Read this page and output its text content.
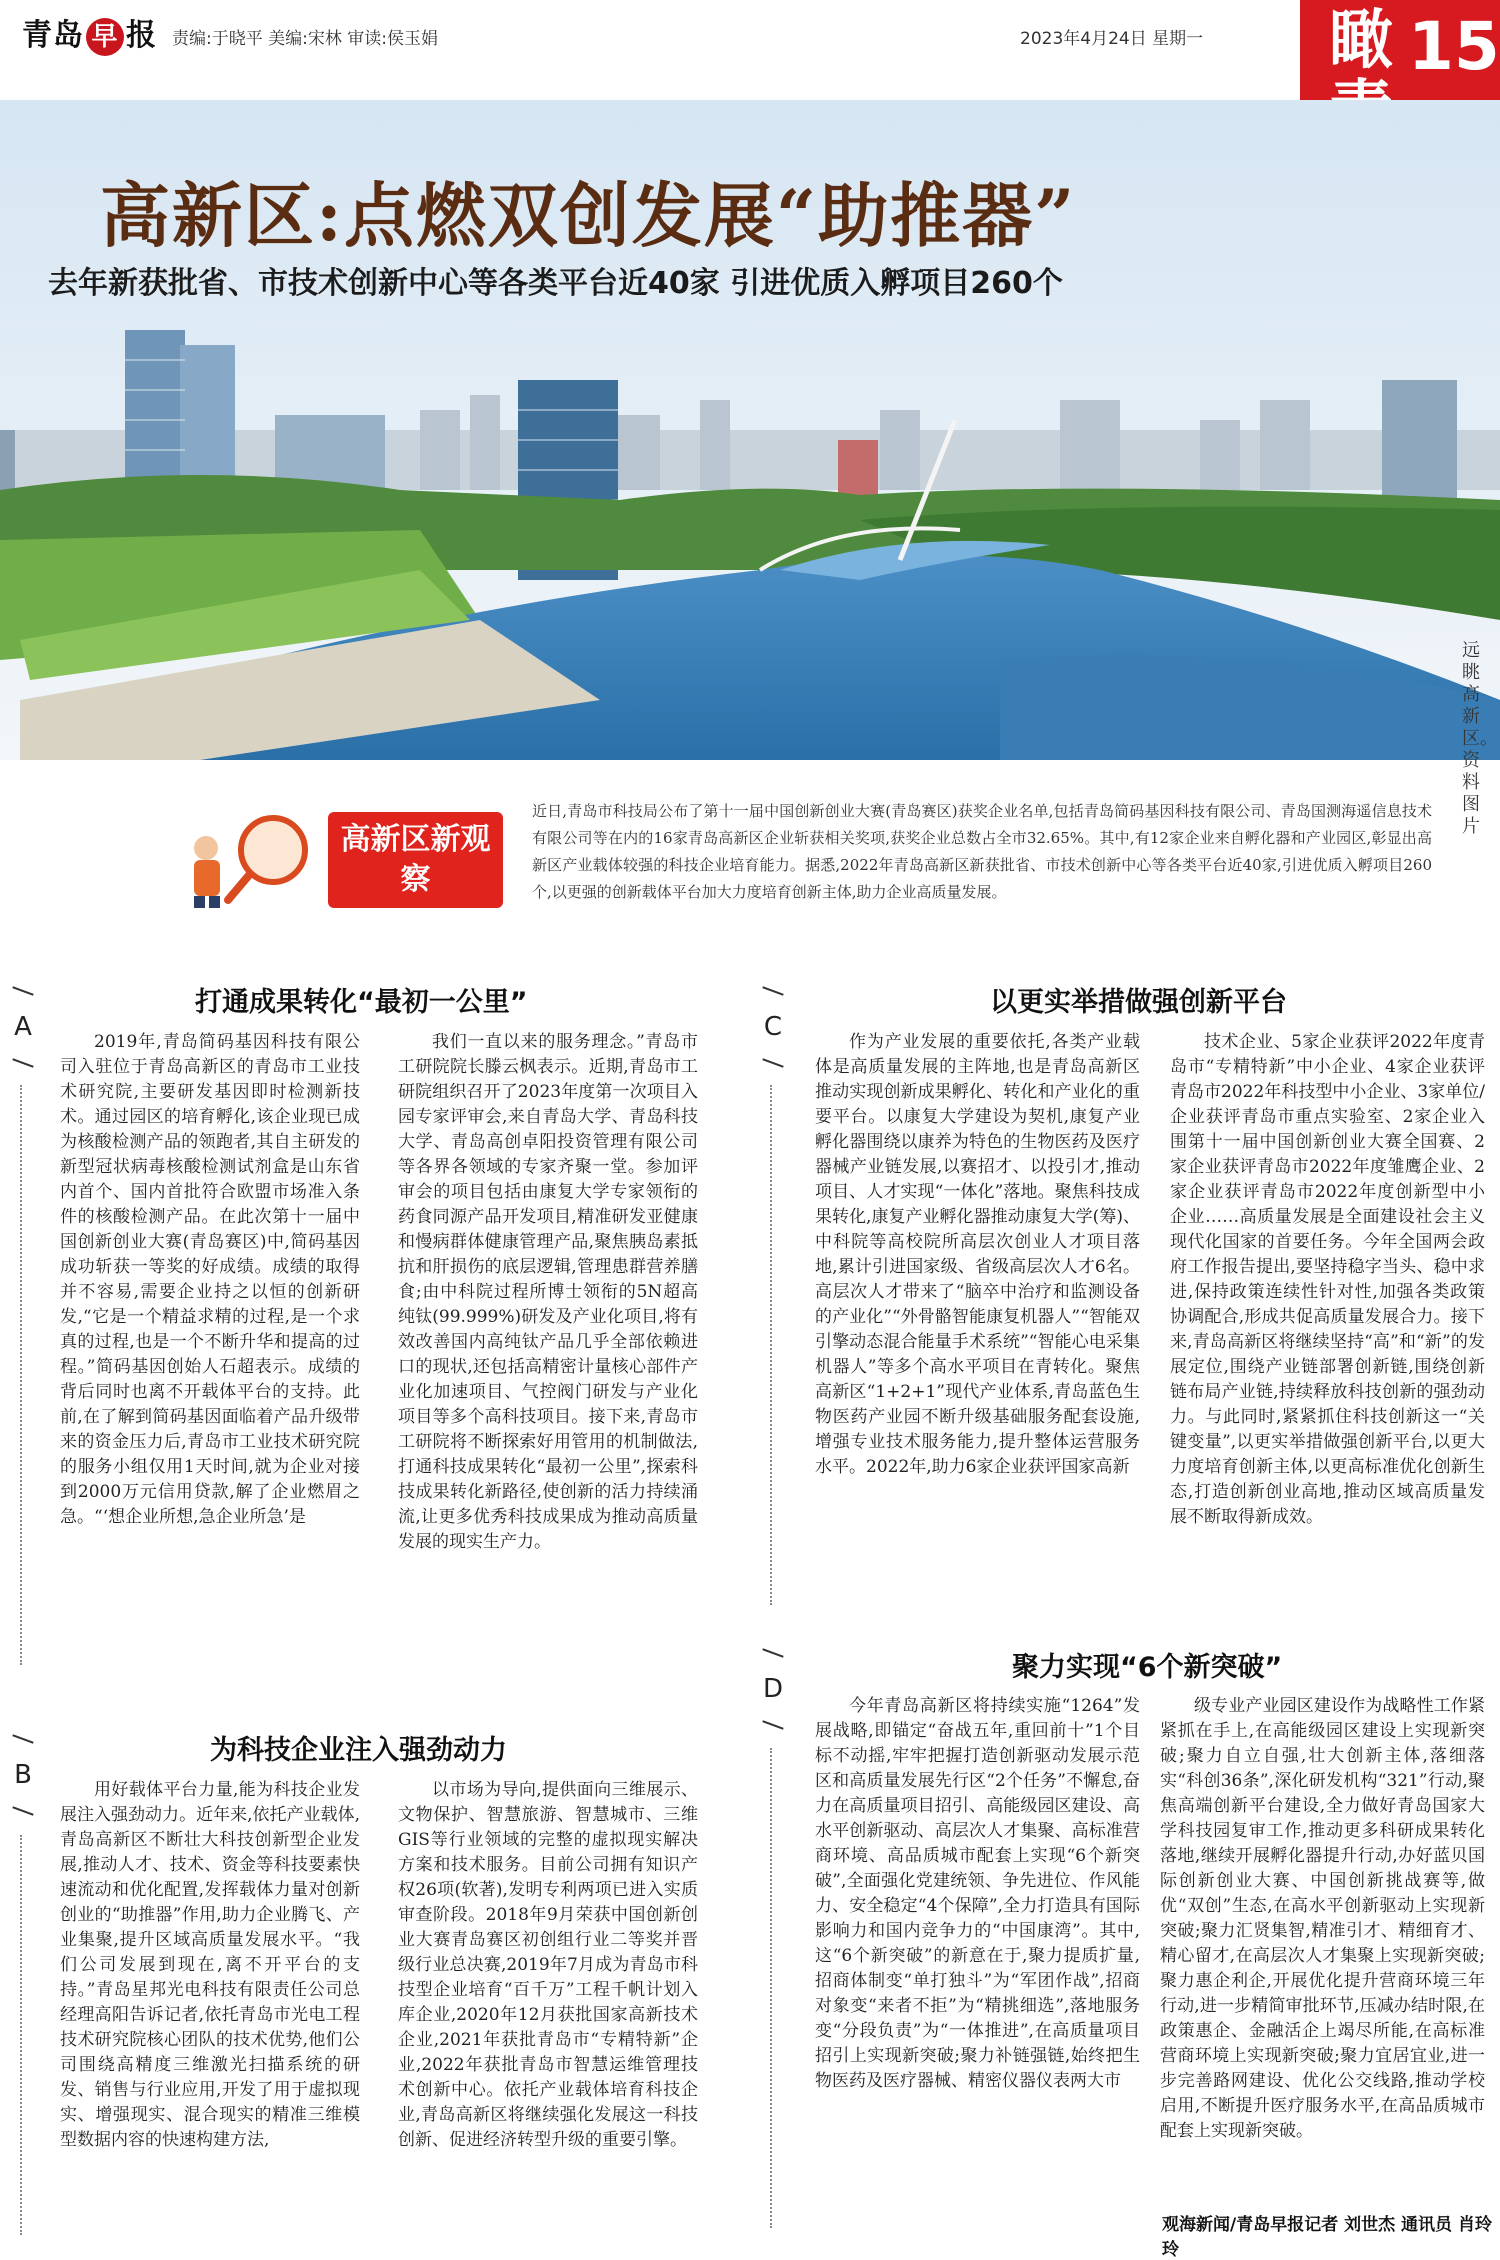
青岛 早 报 责编:于晓平 美编:宋林 审读:侯玉娟	2023年4月24日 星期一 瞰 15
高新区:点燃双创发展“助推器”
去年新获批省、市技术创新中心等各类平台近40家 引进优质入孵项目260个
远眺高新区。资料图片
高新区新观察
近日,青岛市科技局公布了第十一届中国创新创业大赛(青岛赛区)获奖企业名单,包括青岛简码基因科技有限公司、青岛国测海遥信息技术有限公司等在内的16家青岛高新区企业斩获相关奖项,获奖企业总数占全市32.65%。其中,有12家企业来自孵化器和产业园区,彰显出高新区产业载体较强的科技企业培育能力。据悉,2022年青岛高新区新获批省、市技术创新中心等各类平台近40家,引进优质入孵项目260个,以更强的创新载体平台加大力度培育创新主体,助力企业高质量发展。
A
打通成果转化“最初一公里”
2019年,青岛简码基因科技有限公司入驻位于青岛高新区的青岛市工业技术研究院,主要研发基因即时检测新技术。通过园区的培育孵化,该企业现已成为核酸检测产品的领跑者,其自主研发的新型冠状病毒核酸检测试剂盒是山东省内首个、国内首批符合欧盟市场准入条件的核酸检测产品。在此次第十一届中国创新创业大赛(青岛赛区)中,简码基因成功斩获一等奖的好成绩。成绩的取得并不容易,需要企业持之以恒的创新研发,“它是一个精益求精的过程,是一个求真的过程,也是一个不断升华和提高的过程。”简码基因创始人石超表示。成绩的背后同时也离不开载体平台的支持。此前,在了解到简码基因面临着产品升级带来的资金压力后,青岛市工业技术研究院的服务小组仅用1天时间,就为企业对接到2000万元信用贷款,解了企业燃眉之急。“‘想企业所想,急企业所急’是
我们一直以来的服务理念。”青岛市工研院院长滕云枫表示。近期,青岛市工研院组织召开了2023年度第一次项目入园专家评审会,来自青岛大学、青岛科技大学、青岛高创卓阳投资管理有限公司等各界各领域的专家齐聚一堂。参加评审会的项目包括由康复大学专家领衔的药食同源产品开发项目,精准研发亚健康和慢病群体健康管理产品,聚焦胰岛素抵抗和肝损伤的底层逻辑,管理患群营养膳食;由中科院过程所博士领衔的5N超高纯钛(99.999%)研发及产业化项目,将有效改善国内高纯钛产品几乎全部依赖进口的现状,还包括高精密计量核心部件产业化加速项目、气控阀门研发与产业化项目等多个高科技项目。接下来,青岛市工研院将不断探索好用管用的机制做法,打通科技成果转化“最初一公里”,探索科技成果转化新路径,使创新的活力持续涌流,让更多优秀科技成果成为推动高质量发展的现实生产力。
B
为科技企业注入强劲动力
用好载体平台力量,能为科技企业发展注入强劲动力。近年来,依托产业载体,青岛高新区不断壮大科技创新型企业发展,推动人才、技术、资金等科技要素快速流动和优化配置,发挥载体力量对创新创业的“助推器”作用,助力企业腾飞、产业集聚,提升区域高质量发展水平。“我们公司发展到现在,离不开平台的支持。”青岛星邦光电科技有限责任公司总经理高阳告诉记者,依托青岛市光电工程技术研究院核心团队的技术优势,他们公司围绕高精度三维激光扫描系统的研发、销售与行业应用,开发了用于虚拟现实、增强现实、混合现实的精准三维模型数据内容的快速构建方法,
以市场为导向,提供面向三维展示、文物保护、智慧旅游、智慧城市、三维GIS等行业领域的完整的虚拟现实解决方案和技术服务。目前公司拥有知识产权26项(软著),发明专利两项已进入实质审查阶段。2018年9月荣获中国创新创业大赛青岛赛区初创组行业二等奖并晋级行业总决赛,2019年7月成为青岛市科技型企业培育“百千万”工程千帆计划入库企业,2020年12月获批国家高新技术企业,2021年获批青岛市“专精特新”企业,2022年获批青岛市智慧运维管理技术创新中心。依托产业载体培育科技企业,青岛高新区将继续强化发展这一科技创新、促进经济转型升级的重要引擎。
C
以更实举措做强创新平台
作为产业发展的重要依托,各类产业载体是高质量发展的主阵地,也是青岛高新区推动实现创新成果孵化、转化和产业化的重要平台。以康复大学建设为契机,康复产业孵化器围绕以康养为特色的生物医药及医疗器械产业链发展,以赛招才、以投引才,推动项目、人才实现“一体化”落地。聚焦科技成果转化,康复产业孵化器推动康复大学(筹)、中科院等高校院所高层次创业人才项目落地,累计引进国家级、省级高层次人才6名。高层次人才带来了“脑卒中治疗和监测设备的产业化”“外骨骼智能康复机器人”“智能双引擎动态混合能量手术系统”“智能心电采集机器人”等多个高水平项目在青转化。聚焦高新区“1+2+1”现代产业体系,青岛蓝色生物医药产业园不断升级基础服务配套设施,增强专业技术服务能力,提升整体运营服务水平。2022年,助力6家企业获评国家高新
技术企业、5家企业获评2022年度青岛市“专精特新”中小企业、4家企业获评青岛市2022年科技型中小企业、3家单位/企业获评青岛市重点实验室、2家企业入围第十一届中国创新创业大赛全国赛、2家企业获评青岛市2022年度雏鹰企业、2家企业获评青岛市2022年度创新型中小企业……高质量发展是全面建设社会主义现代化国家的首要任务。今年全国两会政府工作报告提出,要坚持稳字当头、稳中求进,保持政策连续性针对性,加强各类政策协调配合,形成共促高质量发展合力。接下来,青岛高新区将继续坚持“高”和“新”的发展定位,围绕产业链部署创新链,围绕创新链布局产业链,持续释放科技创新的强劲动力。与此同时,紧紧抓住科技创新这一“关键变量”,以更实举措做强创新平台,以更大力度培育创新主体,以更高标准优化创新生态,打造创新创业高地,推动区域高质量发展不断取得新成效。
D
聚力实现“6个新突破”
今年青岛高新区将持续实施“1264”发展战略,即锚定“奋战五年,重回前十”1个目标不动摇,牢牢把握打造创新驱动发展示范区和高质量发展先行区“2个任务”不懈怠,奋力在高质量项目招引、高能级园区建设、高水平创新驱动、高层次人才集聚、高标准营商环境、高品质城市配套上实现“6个新突破”,全面强化党建统领、争先进位、作风能力、安全稳定“4个保障”,全力打造具有国际影响力和国内竞争力的“中国康湾”。其中,这“6个新突破”的新意在于,聚力提质扩量,招商体制变“单打独斗”为“军团作战”,招商对象变“来者不拒”为“精挑细选”,落地服务变“分段负责”为“一体推进”,在高质量项目招引上实现新突破;聚力补链强链,始终把生物医药及医疗器械、精密仪器仪表两大市
级专业产业园区建设作为战略性工作紧紧抓在手上,在高能级园区建设上实现新突破;聚力自立自强,壮大创新主体,落细落实“科创36条”,深化研发机构“321”行动,聚焦高端创新平台建设,全力做好青岛国家大学科技园复审工作,推动更多科研成果转化落地,继续开展孵化器提升行动,办好蓝贝国际创新创业大赛、中国创新挑战赛等,做优“双创”生态,在高水平创新驱动上实现新突破;聚力汇贤集智,精准引才、精细育才、精心留才,在高层次人才集聚上实现新突破;聚力惠企利企,开展优化提升营商环境三年行动,进一步精简审批环节,压减办结时限,在政策惠企、金融活企上竭尽所能,在高标准营商环境上实现新突破;聚力宜居宜业,进一步完善路网建设、优化公交线路,推动学校启用,不断提升医疗服务水平,在高品质城市配套上实现新突破。
观海新闻/青岛早报记者 刘世杰 通讯员 肖玲玲
